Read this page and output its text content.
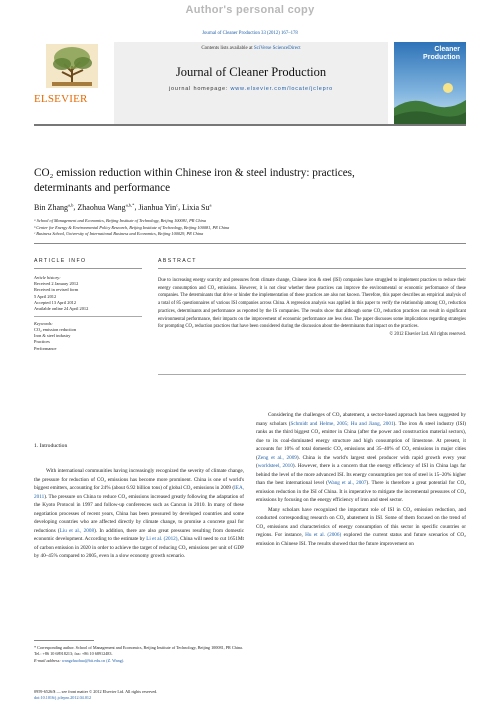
Author's personal copy
Journal of Cleaner Production 33 (2012) 167–178
ELSEVIER
Contents lists available at SciVerse ScienceDirect
Journal of Cleaner Production
journal homepage: www.elsevier.com/locate/jclepro
Cleaner
Production
CO₂ emission reduction within Chinese iron & steel industry: practices,
determinants and performance
Bin Zhang$^{a,b}$, Zhaohua Wang$^{a,b,*}$, Jianhua Yin$^c$, Lixia Su$^a$
ᵃ School of Management and Economics, Beijing Institute of Technology, Beijing 100081, PR China
ᵇ Center for Energy & Environmental Policy Research, Beijing Institute of Technology, Beijing 100081, PR China
ᶜ Business School, University of International Business and Economics, Beijing 100029, PR China
ARTICLE INFO	ABSTRACT
Article history:
Received 2 January 2012
Received in revised form
5 April 2012
Accepted 13 April 2012
Available online 24 April 2012
Keywords:
CO₂ emission reduction
Iron & steel industry
Practices
Performance
Due to increasing energy scarcity and pressures from climate change, Chinese iron & steel (ISI) companies have struggled to implement practices to reduce their energy consumption and CO₂ emissions. However, it is not clear whether these practices can improve the environmental or economic performance of these companies. The determinants that drive or hinder the implementation of these practices are also not known. Therefore, this paper describes an empirical analysis of a total of 85 questionnaires of various ISI companies across China. A regression analysis was applied in this paper to verify the relationship among CO₂ reduction practices, determinants and performance as reported by the IS companies. The results show that although some CO₂ reduction practices can result in significant environmental performance, their impacts on the improvement of economic performance are less clear. The paper discusses some implications regarding strategies for prompting CO₂ reduction practices that have been considered during the discussion about the determinants that impact on the practices.
© 2012 Elsevier Ltd. All rights reserved.
1. Introduction

With international communities having increasingly recognized the severity of climate change, the pressure for reduction of CO₂ emissions has become more prominent. China is one of world's biggest emitters, accounting for 24% (about 6.92 billion tons) of global CO₂ emissions in 2009 (IEA, 2011). The pressure on China to reduce CO₂ emissions increased greatly following the adaptation of the Kyoto Protocol in 1997 and follow-up conferences such as Cancun in 2010. In many of these negotiation processes of recent years, China has been pressured by developed countries and some developing countries who are affected directly by climate change, to promise a concrete goal for reductions (Liu et al., 2008). In addition, there are also great pressures resulting from domestic economic development. According to the estimate by Li et al. (2012), China will need to cut 1651Mt of carbon emission in 2020 in order to achieve the target of reducing CO₂ emissions per unit of GDP by 40–45% compared to 2005, even in a slow economy growth scenario.

Considering the challenges of CO₂ abatement, a sector-based approach has been suggested by many scholars (Schmidt and Helme, 2005; Hu and Jiang, 2001). The iron & steel industry (ISI) ranks as the third biggest CO₂ emitter in China (after the power and construction material sectors), due to its coal-dominated energy structure and high consumption of limestone. At present, it accounts for 10% of total domestic CO₂ emissions and 35–40% of CO₂ emissions in major cities (Zeng et al., 2009). China is the world's largest steel producer with rapid growth every year (worldsteel, 2010). However, there is a concern that the energy efficiency of ISI in China lags far behind the level of the more advanced ISI. Its energy consumption per ton of steel is 15–20% higher than the best international level (Wang et al., 2007). There is therefore a great potential for CO₂ emission reduction in the ISI of China. It is imperative to mitigate the incremental pressures of CO₂ emissions by focusing on the energy efficiency of iron and steel sector.

Many scholars have recognized the important role of ISI in CO₂ emission reduction, and conducted corresponding research on CO₂ abatement in ISI. Some of them focused on the trend of CO₂ emissions and characteristics of energy consumption of this sector in specific countries or regions. For instance, Hu et al. (2006) explored the current status and future scenarios of CO₂ emission in Chinese ISI. The results showed that the future improvement on

* Corresponding author. School of Management and Economics, Beijing Institute of Technology, Beijing 100081, PR China. Tel.: +86 10 68918213; fax: +86 10 68912483.
E-mail address: wangzhaohua@bit.edu.cn (Z. Wang).
0959-6526/$ — see front matter © 2012 Elsevier Ltd. All rights reserved.
doi:10.1016/j.jclepro.2012.04.012
